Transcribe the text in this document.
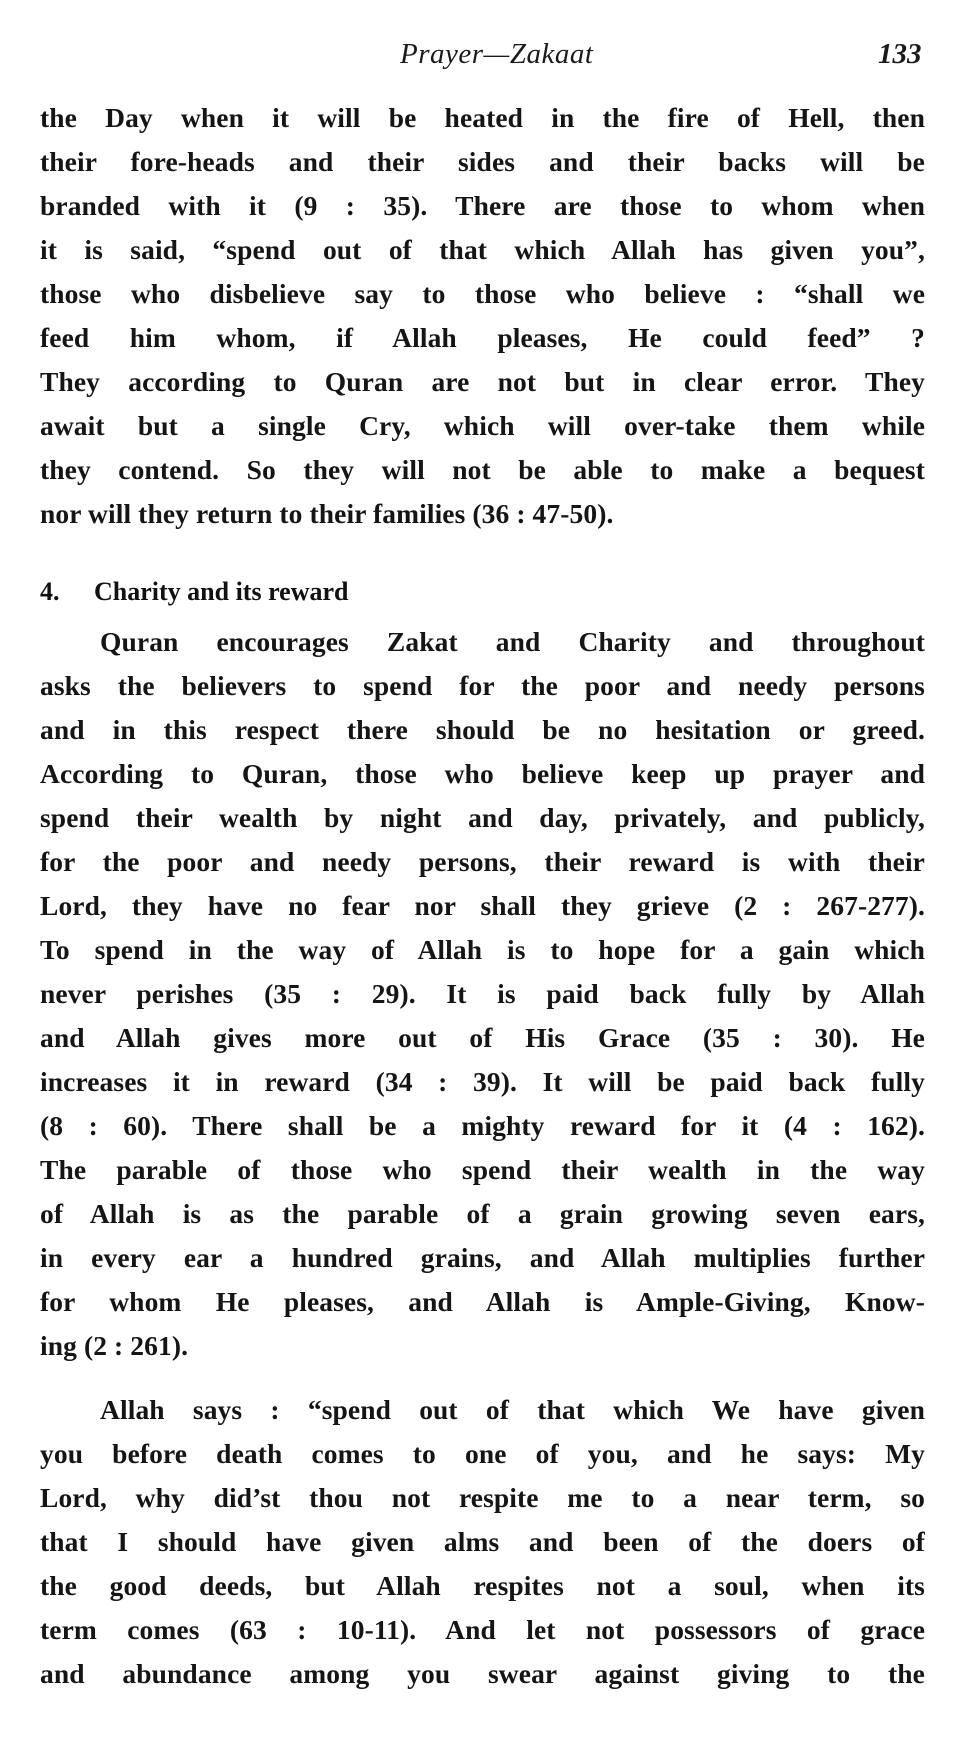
Prayer—Zakaat	133
the Day when it will be heated in the fire of Hell, then
their fore-heads and their sides and their backs will be
branded with it (9 : 35). There are those to whom when
it is said, “spend out of that which Allah has given you”,
those who disbelieve say to those who believe : “shall we
feed him whom, if Allah pleases, He could feed” ?
They according to Quran are not but in clear error. They
await but a single Cry, which will over-take them while
they contend. So they will not be able to make a bequest
nor will they return to their families (36 : 47-50).
4. Charity and its reward
Quran encourages Zakat and Charity and throughout
asks the believers to spend for the poor and needy persons
and in this respect there should be no hesitation or greed.
According to Quran, those who believe keep up prayer and
spend their wealth by night and day, privately, and publicly,
for the poor and needy persons, their reward is with their
Lord, they have no fear nor shall they grieve (2 : 267-277).
To spend in the way of Allah is to hope for a gain which
never perishes (35 : 29). It is paid back fully by Allah
and Allah gives more out of His Grace (35 : 30). He
increases it in reward (34 : 39). It will be paid back fully
(8 : 60). There shall be a mighty reward for it (4 : 162).
The parable of those who spend their wealth in the way
of Allah is as the parable of a grain growing seven ears,
in every ear a hundred grains, and Allah multiplies further
for whom He pleases, and Allah is Ample-Giving, Know-
ing (2 : 261).
Allah says : “spend out of that which We have given
you before death comes to one of you, and he says: My
Lord, why did’st thou not respite me to a near term, so
that I should have given alms and been of the doers of
the good deeds, but Allah respites not a soul, when its
term comes (63 : 10-11). And let not possessors of grace
and abundance among you swear against giving to the
